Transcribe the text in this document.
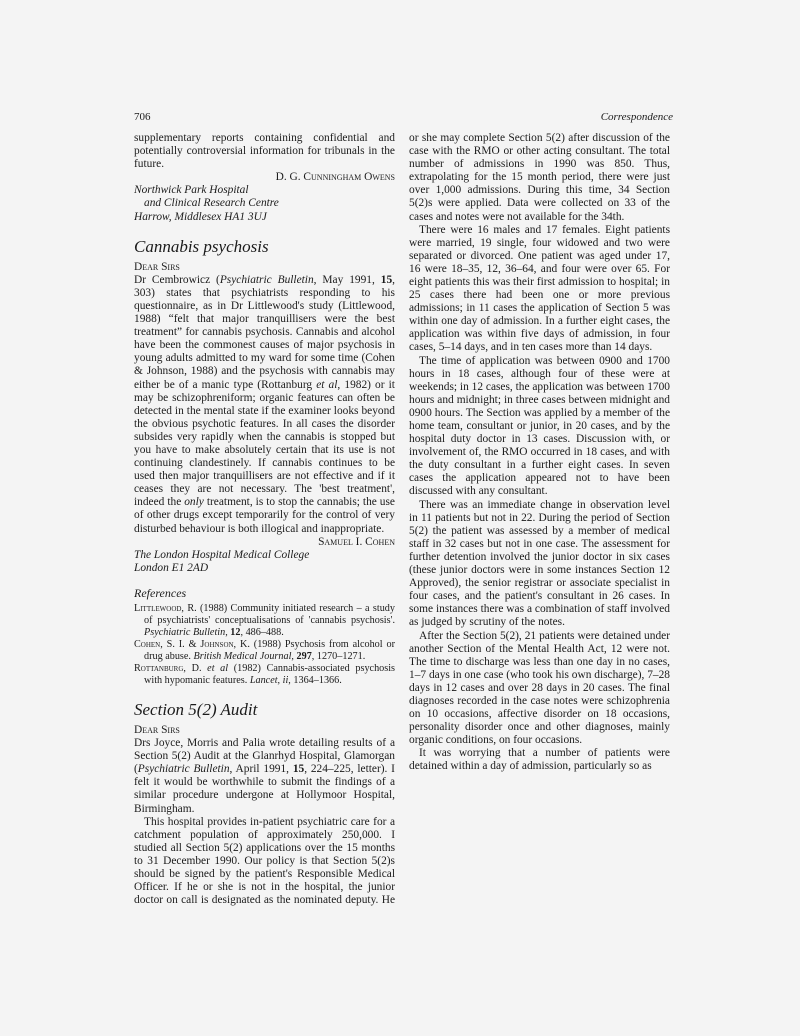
706	Correspondence

supplementary reports containing confidential and potentially controversial information for tribunals in the future.

D. G. Cunningham Owens

Northwick Park Hospital
and Clinical Research Centre
Harrow, Middlesex HA1 3UJ
Cannabis psychosis

Dear Sirs

Dr Cembrowicz (Psychiatric Bulletin, May 1991, 15, 303) states that psychiatrists responding to his questionnaire, as in Dr Littlewood's study (Littlewood, 1988) “felt that major tranquillisers were the best treatment” for cannabis psychosis. Cannabis and alcohol have been the commonest causes of major psychosis in young adults admitted to my ward for some time (Cohen & Johnson, 1988) and the psychosis with cannabis may either be of a manic type (Rottanburg et al, 1982) or it may be schizophreniform; organic features can often be detected in the mental state if the examiner looks beyond the obvious psychotic features. In all cases the disorder subsides very rapidly when the cannabis is stopped but you have to make absolutely certain that its use is not continuing clandestinely. If cannabis continues to be used then major tranquillisers are not effective and if it ceases they are not necessary. The 'best treatment', indeed the only treatment, is to stop the cannabis; the use of other drugs except temporarily for the control of very disturbed behaviour is both illogical and inappropriate.

Samuel I. Cohen

The London Hospital Medical College
London E1 2AD
References

Littlewood, R. (1988) Community initiated research – a study of psychiatrists' conceptualisations of 'cannabis psychosis'. Psychiatric Bulletin, 12, 486–488.

Cohen, S. I. & Johnson, K. (1988) Psychosis from alcohol or drug abuse. British Medical Journal, 297, 1270–1271.

Rottanburg, D. et al (1982) Cannabis-associated psychosis with hypomanic features. Lancet, ii, 1364–1366.

Section 5(2) Audit

Dear Sirs

Drs Joyce, Morris and Palia wrote detailing results of a Section 5(2) Audit at the Glanrhyd Hospital, Glamorgan (Psychiatric Bulletin, April 1991, 15, 224–225, letter). I felt it would be worthwhile to submit the findings of a similar procedure undergone at Hollymoor Hospital, Birmingham.

This hospital provides in-patient psychiatric care for a catchment population of approximately 250,000. I studied all Section 5(2) applications over the 15 months to 31 December 1990. Our policy is that Section 5(2)s should be signed by the patient's Responsible Medical Officer. If he or she is not in the hospital, the junior doctor on call is designated as the nominated deputy. He

or she may complete Section 5(2) after discussion of the case with the RMO or other acting consultant. The total number of admissions in 1990 was 850. Thus, extrapolating for the 15 month period, there were just over 1,000 admissions. During this time, 34 Section 5(2)s were applied. Data were collected on 33 of the cases and notes were not available for the 34th.

There were 16 males and 17 females. Eight patients were married, 19 single, four widowed and two were separated or divorced. One patient was aged under 17, 16 were 18–35, 12, 36–64, and four were over 65. For eight patients this was their first admission to hospital; in 25 cases there had been one or more previous admissions; in 11 cases the application of Section 5 was within one day of admission. In a further eight cases, the application was within five days of admission, in four cases, 5–14 days, and in ten cases more than 14 days.

The time of application was between 0900 and 1700 hours in 18 cases, although four of these were at weekends; in 12 cases, the application was between 1700 hours and midnight; in three cases between midnight and 0900 hours. The Section was applied by a member of the home team, consultant or junior, in 20 cases, and by the hospital duty doctor in 13 cases. Discussion with, or involvement of, the RMO occurred in 18 cases, and with the duty consultant in a further eight cases. In seven cases the application appeared not to have been discussed with any consultant.

There was an immediate change in observation level in 11 patients but not in 22. During the period of Section 5(2) the patient was assessed by a member of medical staff in 32 cases but not in one case. The assessment for further detention involved the junior doctor in six cases (these junior doctors were in some instances Section 12 Approved), the senior registrar or associate specialist in four cases, and the patient's consultant in 26 cases. In some instances there was a combination of staff involved as judged by scrutiny of the notes.

After the Section 5(2), 21 patients were detained under another Section of the Mental Health Act, 12 were not. The time to discharge was less than one day in no cases, 1–7 days in one case (who took his own discharge), 7–28 days in 12 cases and over 28 days in 20 cases. The final diagnoses recorded in the case notes were schizophrenia on 10 occasions, affective disorder on 18 occasions, personality disorder once and other diagnoses, mainly organic conditions, on four occasions.

It was worrying that a number of patients were detained within a day of admission, particularly so as
